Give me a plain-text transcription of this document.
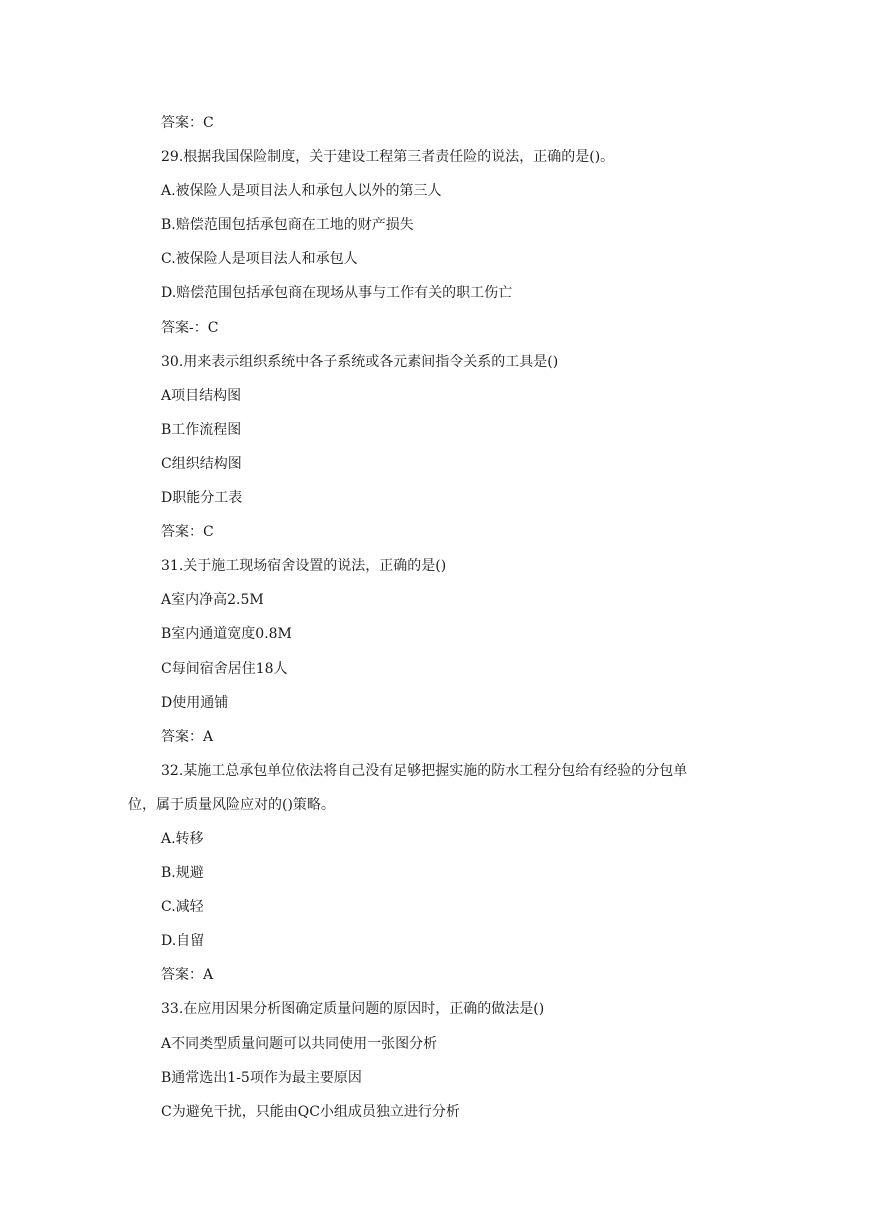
答案：C
29.根据我国保险制度，关于建设工程第三者责任险的说法，正确的是()。
A.被保险人是项目法人和承包人以外的第三人
B.赔偿范围包括承包商在工地的财产损失
C.被保险人是项目法人和承包人
D.赔偿范围包括承包商在现场从事与工作有关的职工伤亡
答案-：C
30.用来表示组织系统中各子系统或各元素间指令关系的工具是()
A项目结构图
B工作流程图
C组织结构图
D职能分工表
答案：C
31.关于施工现场宿舍设置的说法，正确的是()
A室内净高2.5M
B室内通道宽度0.8M
C每间宿舍居住18人
D使用通铺
答案：A
32.某施工总承包单位依法将自己没有足够把握实施的防水工程分包给有经验的分包单
位，属于质量风险应对的()策略。
A.转移
B.规避
C.减轻
D.自留
答案：A
33.在应用因果分析图确定质量问题的原因时，正确的做法是()
A不同类型质量问题可以共同使用一张图分析
B通常选出1-5项作为最主要原因
C为避免干扰，只能由QC小组成员独立进行分析
